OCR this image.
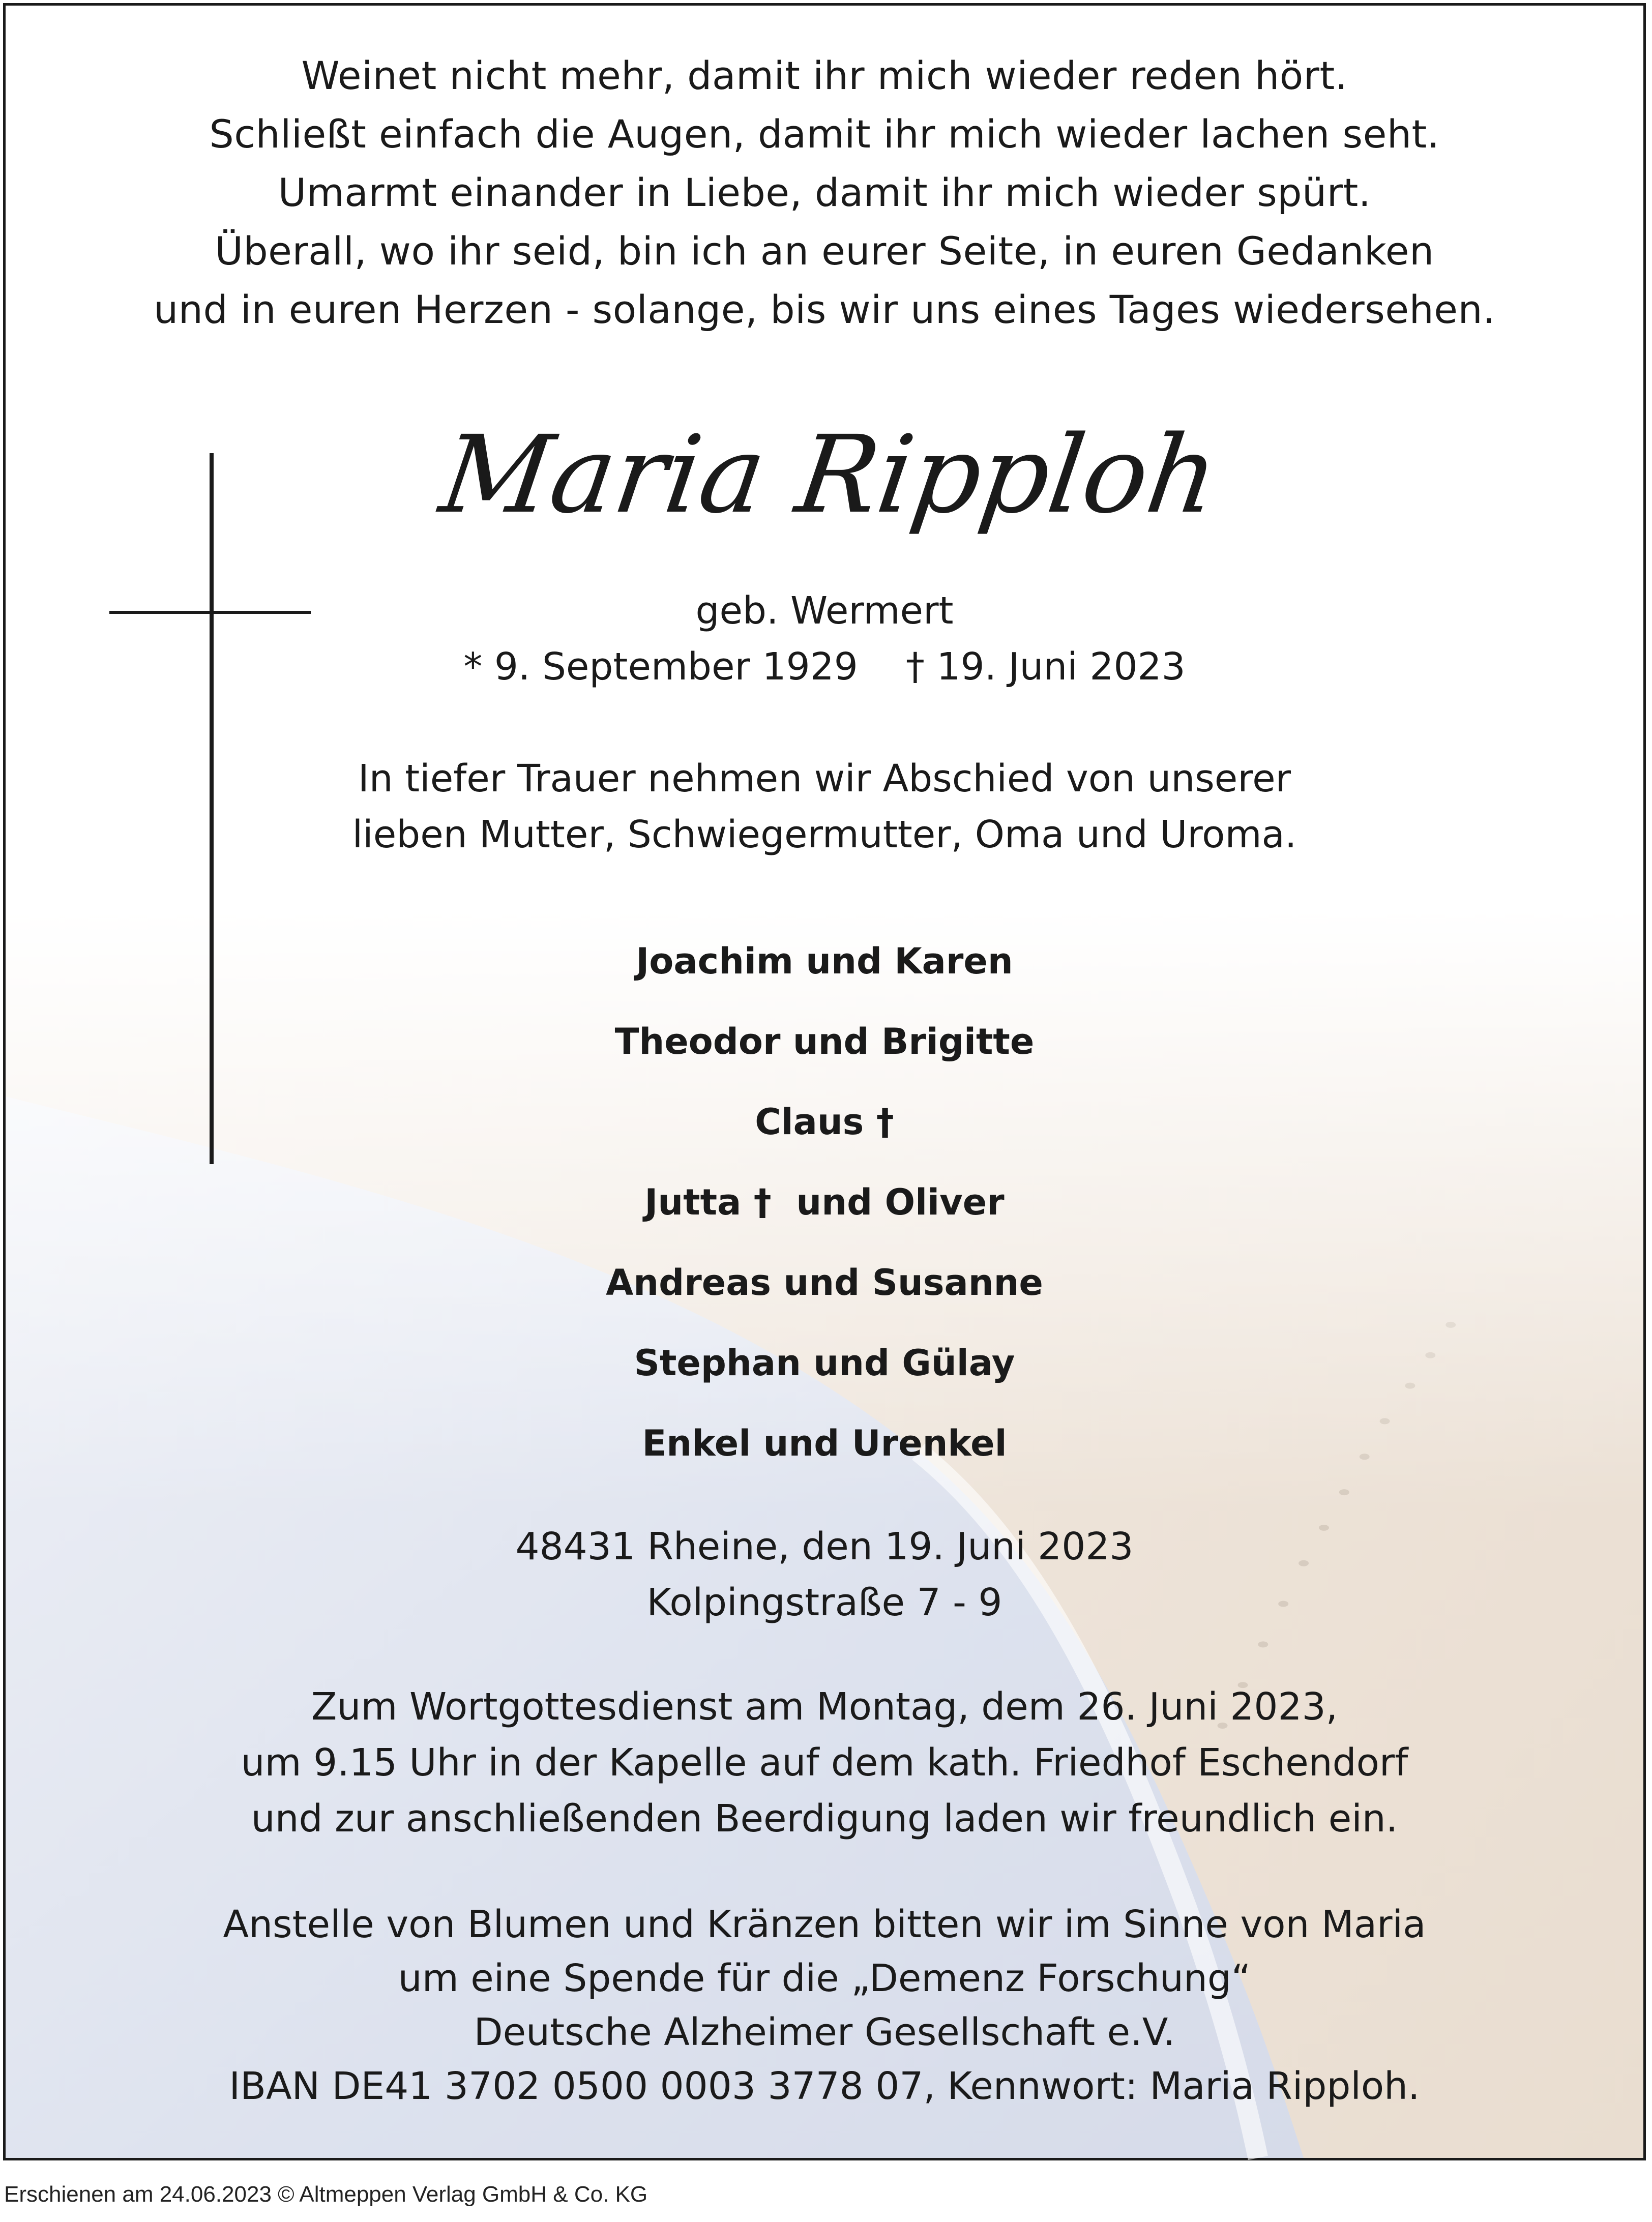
Weinet nicht mehr, damit ihr mich wieder reden hört.
Schließt einfach die Augen, damit ihr mich wieder lachen seht.
Umarmt einander in Liebe, damit ihr mich wieder spürt.
Überall, wo ihr seid, bin ich an eurer Seite, in euren Gedanken
und in euren Herzen - solange, bis wir uns eines Tages wiedersehen.
Maria Ripploh
geb. Wermert
* 9. September 1929    † 19. Juni 2023
In tiefer Trauer nehmen wir Abschied von unserer
lieben Mutter, Schwiegermutter, Oma und Uroma.
Joachim und Karen
Theodor und Brigitte
Claus †
Jutta †  und Oliver
Andreas und Susanne
Stephan und Gülay
Enkel und Urenkel
48431 Rheine, den 19. Juni 2023
Kolpingstraße 7 - 9
Zum Wortgottesdienst am Montag, dem 26. Juni 2023,
um 9.15 Uhr in der Kapelle auf dem kath. Friedhof Eschendorf
und zur anschließenden Beerdigung laden wir freundlich ein.
Anstelle von Blumen und Kränzen bitten wir im Sinne von Maria
um eine Spende für die „Demenz Forschung“
Deutsche Alzheimer Gesellschaft e.V.
IBAN DE41 3702 0500 0003 3778 07, Kennwort: Maria Ripploh.
Erschienen am 24.06.2023 © Altmeppen Verlag GmbH & Co. KG
